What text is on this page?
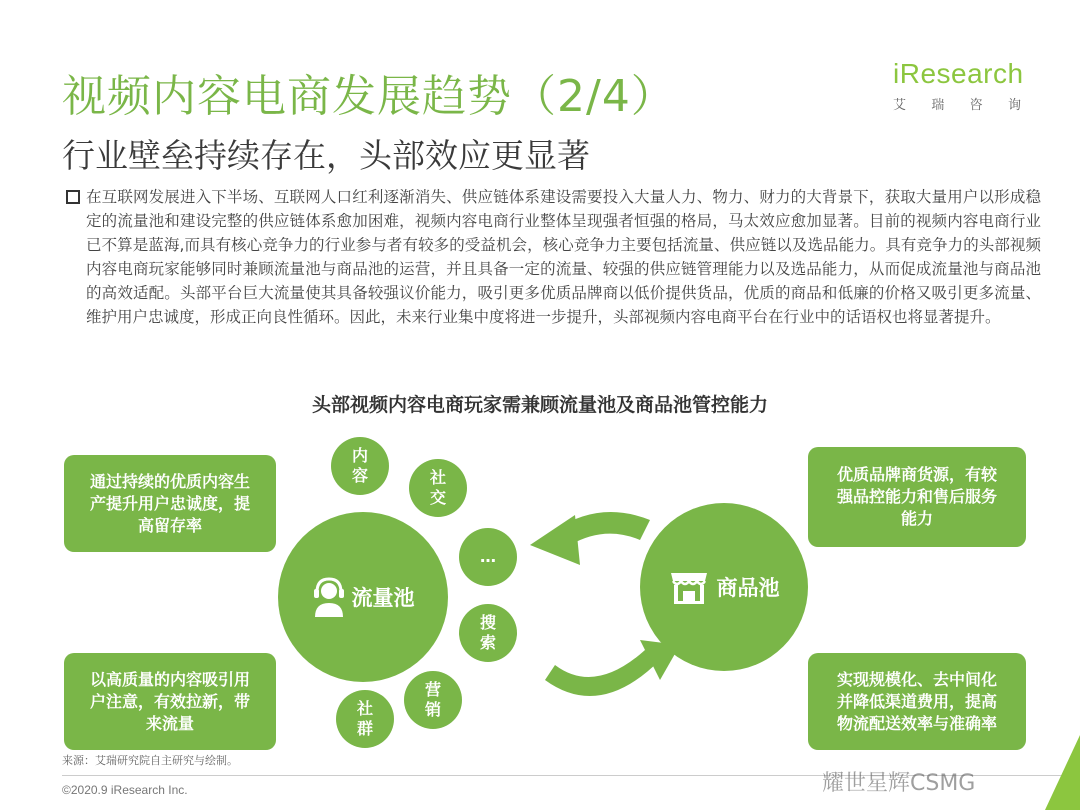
视频内容电商发展趋势（2/4）
行业壁垒持续存在，头部效应更显著
iResearch
艾 瑞 咨 询
在互联网发展进入下半场、互联网人口红利逐渐消失、供应链体系建设需要投入大量人力、物力、财力的大背景下，获取大量用户以形成稳定的流量池和建设完整的供应链体系愈加困难，视频内容电商行业整体呈现强者恒强的格局，马太效应愈加显著。目前的视频内容电商行业已不算是蓝海,而具有核心竞争力的行业参与者有较多的受益机会，核心竞争力主要包括流量、供应链以及选品能力。具有竞争力的头部视频内容电商玩家能够同时兼顾流量池与商品池的运营，并且具备一定的流量、较强的供应链管理能力以及选品能力，从而促成流量池与商品池的高效适配。头部平台巨大流量使其具备较强议价能力，吸引更多优质品牌商以低价提供货品，优质的商品和低廉的价格又吸引更多流量、维护用户忠诚度，形成正向良性循环。因此，未来行业集中度将进一步提升，头部视频内容电商平台在行业中的话语权也将显著提升。
头部视频内容电商玩家需兼顾流量池及商品池管控能力
通过持续的优质内容生
产提升用户忠诚度，提
高留存率
以高质量的内容吸引用
户注意，有效拉新，带
来流量
优质品牌商货源，有较
强品控能力和售后服务
能力
实现规模化、去中间化
并降低渠道费用，提高
物流配送效率与准确率
流量池	商品池
内容	社交
…
搜索
营销
社群
来源：艾瑞研究院自主研究与绘制。
©2020.9 iResearch Inc.	耀世星辉CSMG
